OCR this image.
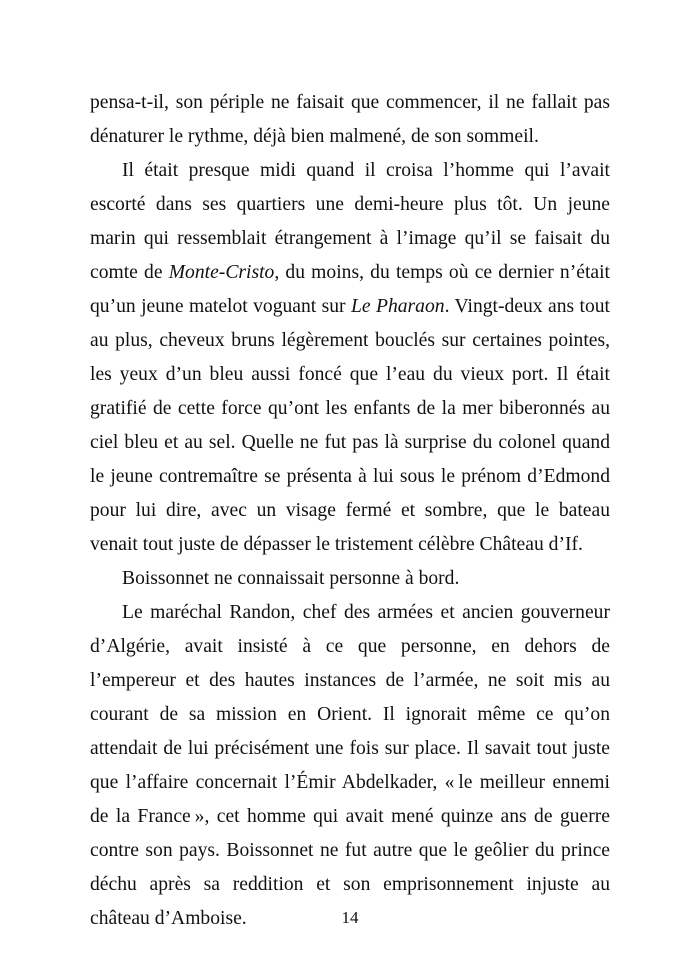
pensa-t-il, son périple ne faisait que commencer, il ne fallait pas dénaturer le rythme, déjà bien malmené, de son sommeil.

Il était presque midi quand il croisa l’homme qui l’avait escorté dans ses quartiers une demi-heure plus tôt. Un jeune marin qui ressemblait étrangement à l’image qu’il se faisait du comte de Monte-Cristo, du moins, du temps où ce dernier n’était qu’un jeune matelot voguant sur Le Pharaon. Vingt-deux ans tout au plus, cheveux bruns légèrement bouclés sur certaines pointes, les yeux d’un bleu aussi foncé que l’eau du vieux port. Il était gratifié de cette force qu’ont les enfants de la mer biberonnés au ciel bleu et au sel. Quelle ne fut pas là surprise du colonel quand le jeune contremaître se présenta à lui sous le prénom d’Edmond pour lui dire, avec un visage fermé et sombre, que le bateau venait tout juste de dépasser le tristement célèbre Château d’If.

Boissonnet ne connaissait personne à bord.

Le maréchal Randon, chef des armées et ancien gouverneur d’Algérie, avait insisté à ce que personne, en dehors de l’empereur et des hautes instances de l’armée, ne soit mis au courant de sa mission en Orient. Il ignorait même ce qu’on attendait de lui précisément une fois sur place. Il savait tout juste que l’affaire concernait l’Émir Abdelkader, « le meilleur ennemi de la France », cet homme qui avait mené quinze ans de guerre contre son pays. Boissonnet ne fut autre que le geôlier du prince déchu après sa reddition et son emprisonnement injuste au château d’Amboise.	14
